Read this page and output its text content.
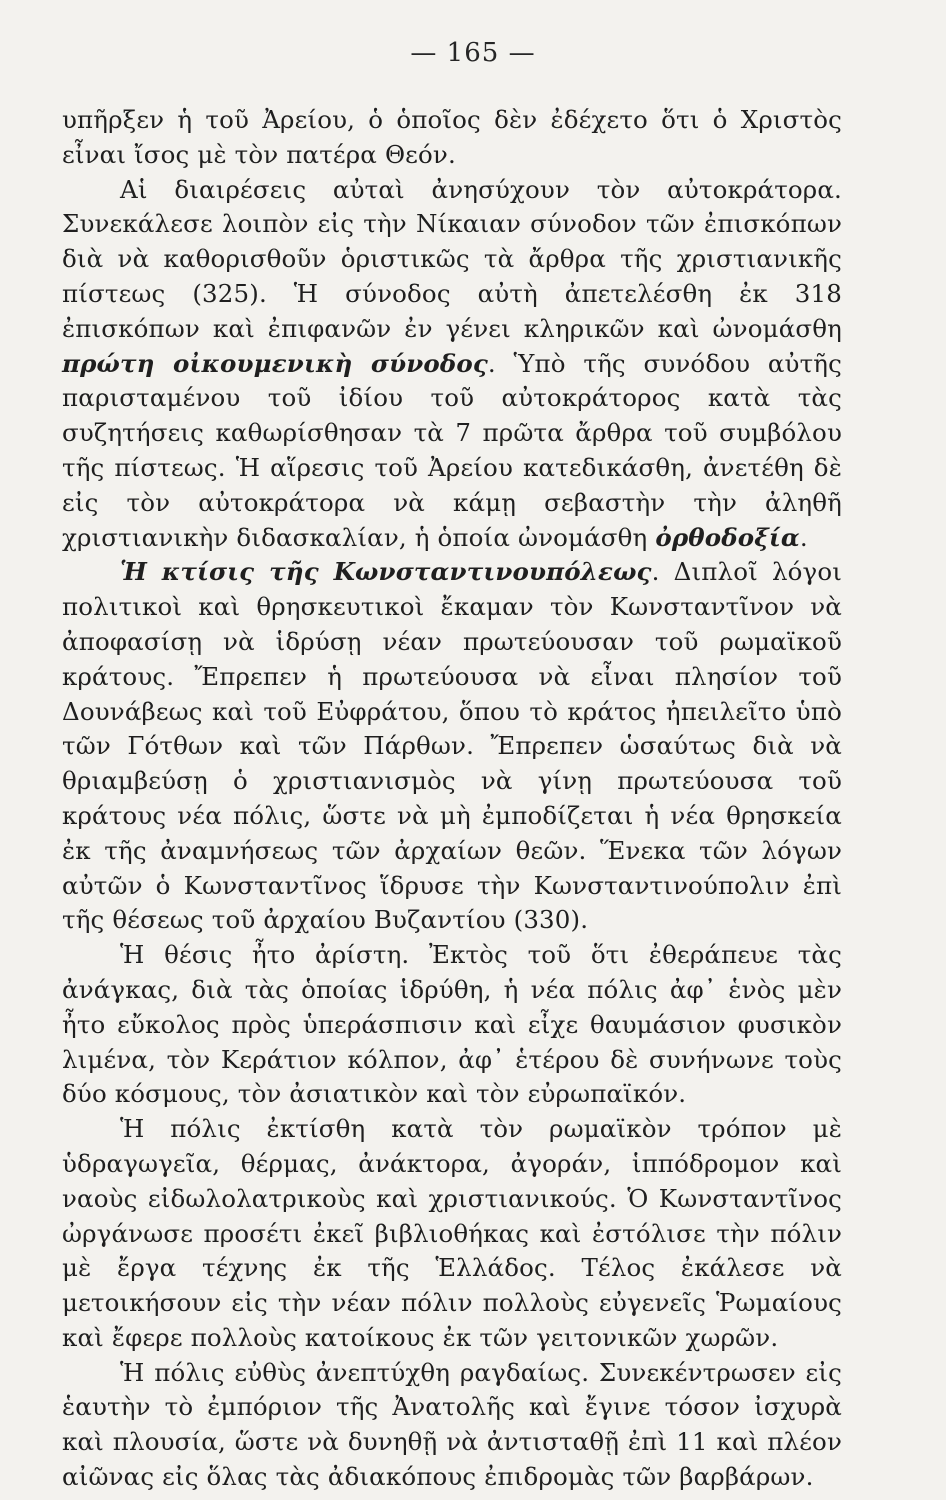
— 165 —

υπῆρξεν ἡ τοῦ Ἀρείου, ὁ ὁποῖος δὲν ἐδέχετο ὅτι ὁ Χριστὸς εἶναι ἴσος μὲ τὸν πατέρα Θεόν.

Αἱ διαιρέσεις αὐταὶ ἀνησύχουν τὸν αὐτοκράτορα. Συνεκάλεσε λοιπὸν εἰς τὴν Νίκαιαν σύνοδον τῶν ἐπισκόπων διὰ νὰ καθορισθοῦν ὁριστικῶς τὰ ἄρθρα τῆς χριστιανικῆς πίστεως (325). Ἡ σύνοδος αὐτὴ ἀπετελέσθη ἐκ 318 ἐπισκόπων καὶ ἐπιφανῶν ἐν γένει κληρικῶν καὶ ὠνομάσθη πρώτη οἰκουμενικὴ σύνοδος. Ὑπὸ τῆς συνόδου αὐτῆς παρισταμένου τοῦ ἰδίου τοῦ αὐτοκράτορος κατὰ τὰς συζητήσεις καθωρίσθησαν τὰ 7 πρῶτα ἄρθρα τοῦ συμβόλου τῆς πίστεως. Ἡ αἵρεσις τοῦ Ἀρείου κατεδικάσθη, ἀνετέθη δὲ εἰς τὸν αὐτοκράτορα νὰ κάμῃ σεβαστὴν τὴν ἀληθῆ χριστιανικὴν διδασκαλίαν, ἡ ὁποία ὠνομάσθη ὀρθοδοξία.

Ἡ κτίσις τῆς Κωνσταντινουπόλεως. Διπλοῖ λόγοι πολιτικοὶ καὶ θρησκευτικοὶ ἔκαμαν τὸν Κωνσταντῖνον νὰ ἀποφασίσῃ νὰ ἱδρύσῃ νέαν πρωτεύουσαν τοῦ ρωμαϊκοῦ κράτους. Ἔπρεπεν ἡ πρωτεύουσα νὰ εἶναι πλησίον τοῦ Δουνάβεως καὶ τοῦ Εὐφράτου, ὅπου τὸ κράτος ἠπειλεῖτο ὑπὸ τῶν Γότθων καὶ τῶν Πάρθων. Ἔπρεπεν ὡσαύτως διὰ νὰ θριαμβεύσῃ ὁ χριστιανισμὸς νὰ γίνῃ πρωτεύουσα τοῦ κράτους νέα πόλις, ὥστε νὰ μὴ ἐμποδίζεται ἡ νέα θρησκεία ἐκ τῆς ἀναμνήσεως τῶν ἀρχαίων θεῶν. Ἕνεκα τῶν λόγων αὐτῶν ὁ Κωνσταντῖνος ἵδρυσε τὴν Κωνσταντινούπολιν ἐπὶ τῆς θέσεως τοῦ ἀρχαίου Βυζαντίου (330).

Ἡ θέσις ἦτο ἀρίστη. Ἐκτὸς τοῦ ὅτι ἐθεράπευε τὰς ἀνάγκας, διὰ τὰς ὁποίας ἱδρύθη, ἡ νέα πόλις ἀφ᾽ ἑνὸς μὲν ἦτο εὔκολος πρὸς ὑπεράσπισιν καὶ εἶχε θαυμάσιον φυσικὸν λιμένα, τὸν Κεράτιον κόλπον, ἀφ᾽ ἑτέρου δὲ συνήνωνε τοὺς δύο κόσμους, τὸν ἀσιατικὸν καὶ τὸν εὐρωπαϊκόν.

Ἡ πόλις ἐκτίσθη κατὰ τὸν ρωμαϊκὸν τρόπον μὲ ὑδραγωγεῖα, θέρμας, ἀνάκτορα, ἀγοράν, ἱππόδρομον καὶ ναοὺς εἰδωλολατρικοὺς καὶ χριστιανικούς. Ὁ Κωνσταντῖνος ὠργάνωσε προσέτι ἐκεῖ βιβλιοθήκας καὶ ἐστόλισε τὴν πόλιν μὲ ἔργα τέχνης ἐκ τῆς Ἑλλάδος. Τέλος ἐκάλεσε νὰ μετοικήσουν εἰς τὴν νέαν πόλιν πολλοὺς εὐγενεῖς Ῥωμαίους καὶ ἔφερε πολλοὺς κατοίκους ἐκ τῶν γειτονικῶν χωρῶν.

Ἡ πόλις εὐθὺς ἀνεπτύχθη ραγδαίως. Συνεκέντρωσεν εἰς ἑαυτὴν τὸ ἐμπόριον τῆς Ἀνατολῆς καὶ ἔγινε τόσον ἰσχυρὰ καὶ πλουσία, ὥστε νὰ δυνηθῇ νὰ ἀντισταθῇ ἐπὶ 11 καὶ πλέον αἰῶνας εἰς ὅλας τὰς ἀδιακόπους ἐπιδρομὰς τῶν βαρβάρων.
